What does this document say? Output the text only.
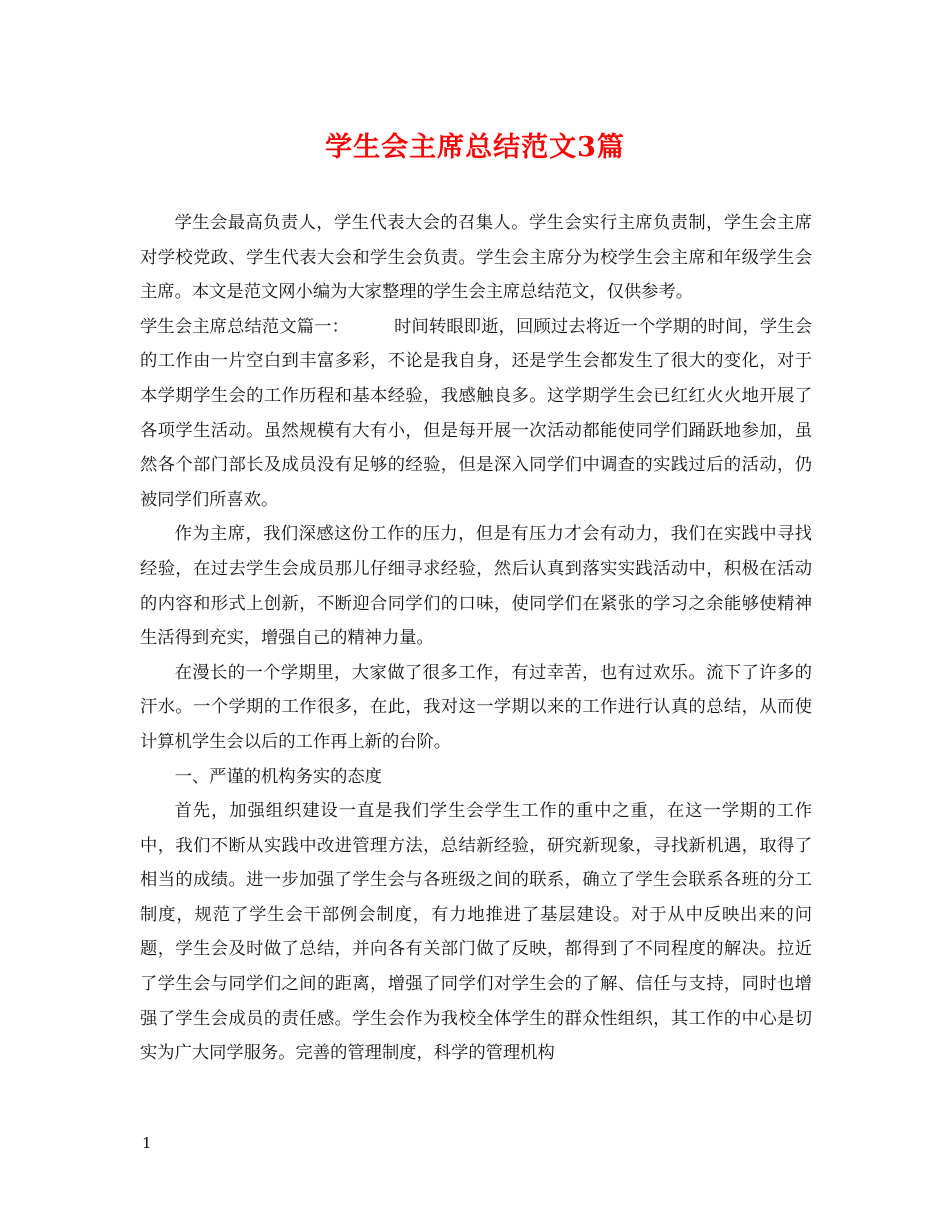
学生会主席总结范文3篇

学生会最高负责人，学生代表大会的召集人。学生会实行主席负责制，学生会主席对学校党政、学生代表大会和学生会负责。学生会主席分为校学生会主席和年级学生会主席。本文是范文网小编为大家整理的学生会主席总结范文，仅供参考。

学生会主席总结范文篇一：	时间转眼即逝，回顾过去将近一个学期的时间，学生会的工作由一片空白到丰富多彩，不论是我自身，还是学生会都发生了很大的变化，对于本学期学生会的工作历程和基本经验，我感触良多。这学期学生会已红红火火地开展了各项学生活动。虽然规模有大有小，但是每开展一次活动都能使同学们踊跃地参加，虽然各个部门部长及成员没有足够的经验，但是深入同学们中调查的实践过后的活动，仍被同学们所喜欢。

作为主席，我们深感这份工作的压力，但是有压力才会有动力，我们在实践中寻找经验，在过去学生会成员那儿仔细寻求经验，然后认真到落实实践活动中，积极在活动的内容和形式上创新，不断迎合同学们的口味，使同学们在紧张的学习之余能够使精神生活得到充实，增强自己的精神力量。

在漫长的一个学期里，大家做了很多工作，有过幸苦，也有过欢乐。流下了许多的汗水。一个学期的工作很多，在此，我对这一学期以来的工作进行认真的总结，从而使计算机学生会以后的工作再上新的台阶。

一、严谨的机构务实的态度

首先，加强组织建设一直是我们学生会学生工作的重中之重，在这一学期的工作中，我们不断从实践中改进管理方法，总结新经验，研究新现象，寻找新机遇，取得了相当的成绩。进一步加强了学生会与各班级之间的联系，确立了学生会联系各班的分工制度，规范了学生会干部例会制度，有力地推进了基层建设。对于从中反映出来的问题，学生会及时做了总结，并向各有关部门做了反映，都得到了不同程度的解决。拉近了学生会与同学们之间的距离，增强了同学们对学生会的了解、信任与支持，同时也增强了学生会成员的责任感。学生会作为我校全体学生的群众性组织，其工作的中心是切实为广大同学服务。完善的管理制度，科学的管理机构

1
